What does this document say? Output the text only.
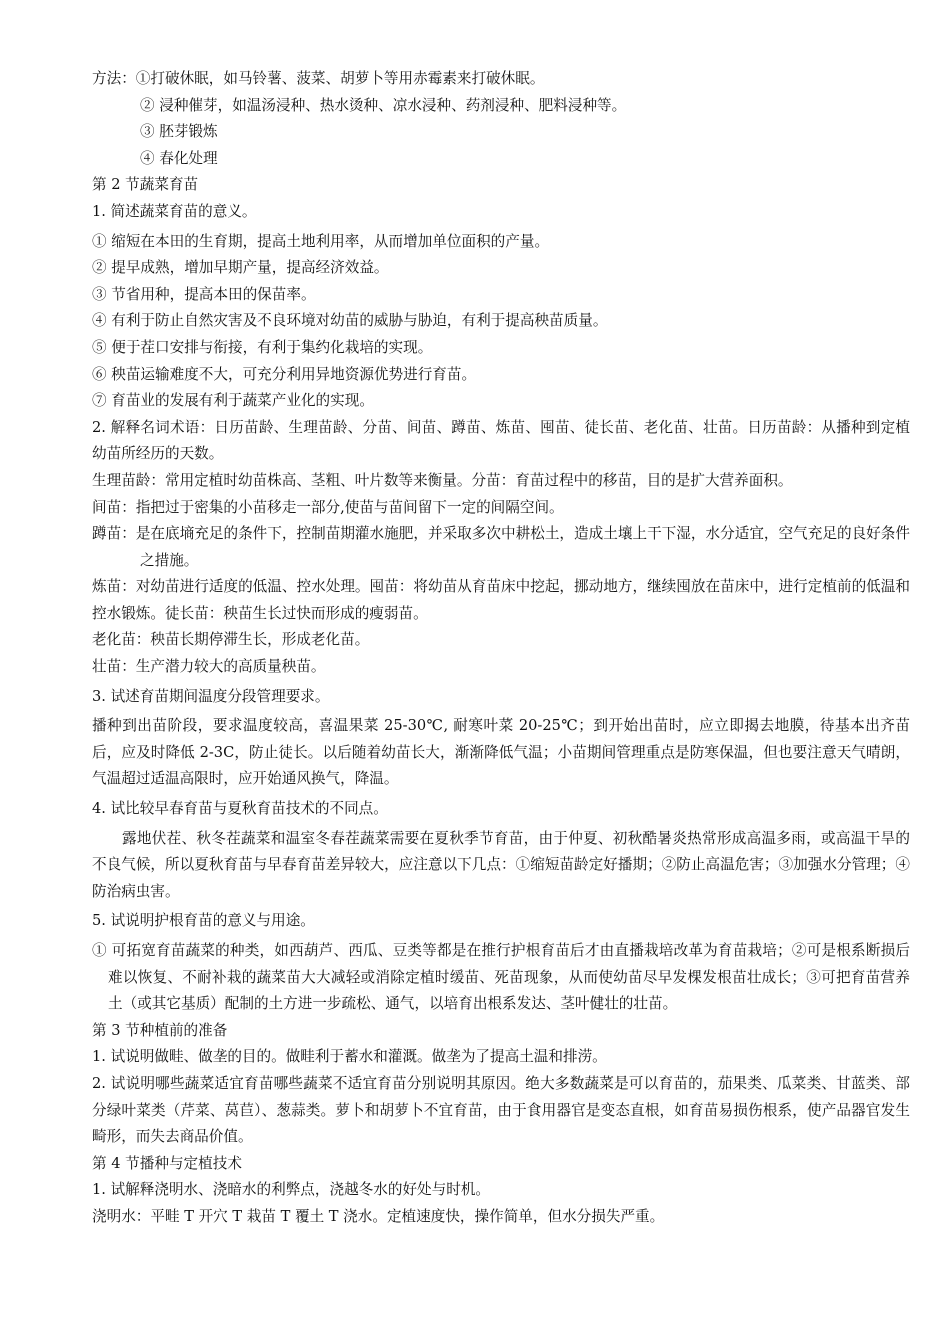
方法：①打破休眠，如马铃薯、菠菜、胡萝卜等用赤霉素来打破休眠。

② 浸种催芽，如温汤浸种、热水烫种、凉水浸种、药剂浸种、肥料浸种等。

③ 胚芽锻炼

④ 春化处理

第 2 节蔬菜育苗

1. 简述蔬菜育苗的意义。

① 缩短在本田的生育期，提高土地利用率，从而增加单位面积的产量。

② 提早成熟，增加早期产量，提高经济效益。

③ 节省用种，提高本田的保苗率。

④ 有利于防止自然灾害及不良环境对幼苗的威胁与胁迫，有利于提高秧苗质量。

⑤ 便于茬口安排与衔接，有利于集约化栽培的实现。

⑥ 秧苗运输难度不大，可充分利用异地资源优势进行育苗。

⑦ 育苗业的发展有利于蔬菜产业化的实现。

2. 解释名词术语：日历苗龄、生理苗龄、分苗、间苗、蹲苗、炼苗、囤苗、徒长苗、老化苗、壮苗。日历苗龄：从播种到定植幼苗所经历的天数。

生理苗龄：常用定植时幼苗株高、茎粗、叶片数等来衡量。分苗：育苗过程中的移苗，目的是扩大营养面积。

间苗：指把过于密集的小苗移走一部分,使苗与苗间留下一定的间隔空间。

蹲苗：是在底墒充足的条件下，控制苗期灌水施肥，并采取多次中耕松土，造成土壤上干下湿，水分适宜，空气充足的良好条件之措施。

炼苗：对幼苗进行适度的低温、控水处理。囤苗：将幼苗从育苗床中挖起，挪动地方，继续囤放在苗床中，进行定植前的低温和控水锻炼。徒长苗：秧苗生长过快而形成的瘦弱苗。

老化苗：秧苗长期停滞生长，形成老化苗。

壮苗：生产潜力较大的高质量秧苗。

3. 试述育苗期间温度分段管理要求。

播种到出苗阶段，要求温度较高，喜温果菜 25-30℃, 耐寒叶菜 20-25℃；到开始出苗时，应立即揭去地膜，待基本出齐苗后，应及时降低 2-3C，防止徒长。以后随着幼苗长大，渐渐降低气温；小苗期间管理重点是防寒保温，但也要注意天气晴朗，气温超过适温高限时，应开始通风换气，降温。

4. 试比较早春育苗与夏秋育苗技术的不同点。

露地伏茬、秋冬茬蔬菜和温室冬春茬蔬菜需要在夏秋季节育苗，由于仲夏、初秋酷暑炎热常形成高温多雨，或高温干旱的不良气候，所以夏秋育苗与早春育苗差异较大，应注意以下几点：①缩短苗龄定好播期；②防止高温危害；③加强水分管理；④防治病虫害。

5. 试说明护根育苗的意义与用途。

① 可拓宽育苗蔬菜的种类，如西葫芦、西瓜、豆类等都是在推行护根育苗后才由直播栽培改革为育苗栽培；②可是根系断损后难以恢复、不耐补栽的蔬菜苗大大减轻或消除定植时缓苗、死苗现象，从而使幼苗尽早发棵发根苗壮成长；③可把育苗营养土（或其它基质）配制的土方进一步疏松、通气，以培育出根系发达、茎叶健壮的壮苗。

第 3 节种植前的准备

1. 试说明做畦、做垄的目的。做畦利于蓄水和灌溉。做垄为了提高土温和排涝。

2. 试说明哪些蔬菜适宜育苗哪些蔬菜不适宜育苗分别说明其原因。绝大多数蔬菜是可以育苗的，茄果类、瓜菜类、甘蓝类、部分绿叶菜类（芹菜、莴苣）、葱蒜类。萝卜和胡萝卜不宜育苗，由于食用器官是变态直根，如育苗易损伤根系，使产品器官发生畸形，而失去商品价值。

第 4 节播种与定植技术

1. 试解释浇明水、浇暗水的利弊点，浇越冬水的好处与时机。

浇明水：平畦 T 开穴 T 栽苗 T 覆土 T 浇水。定植速度快，操作简单，但水分损失严重。
